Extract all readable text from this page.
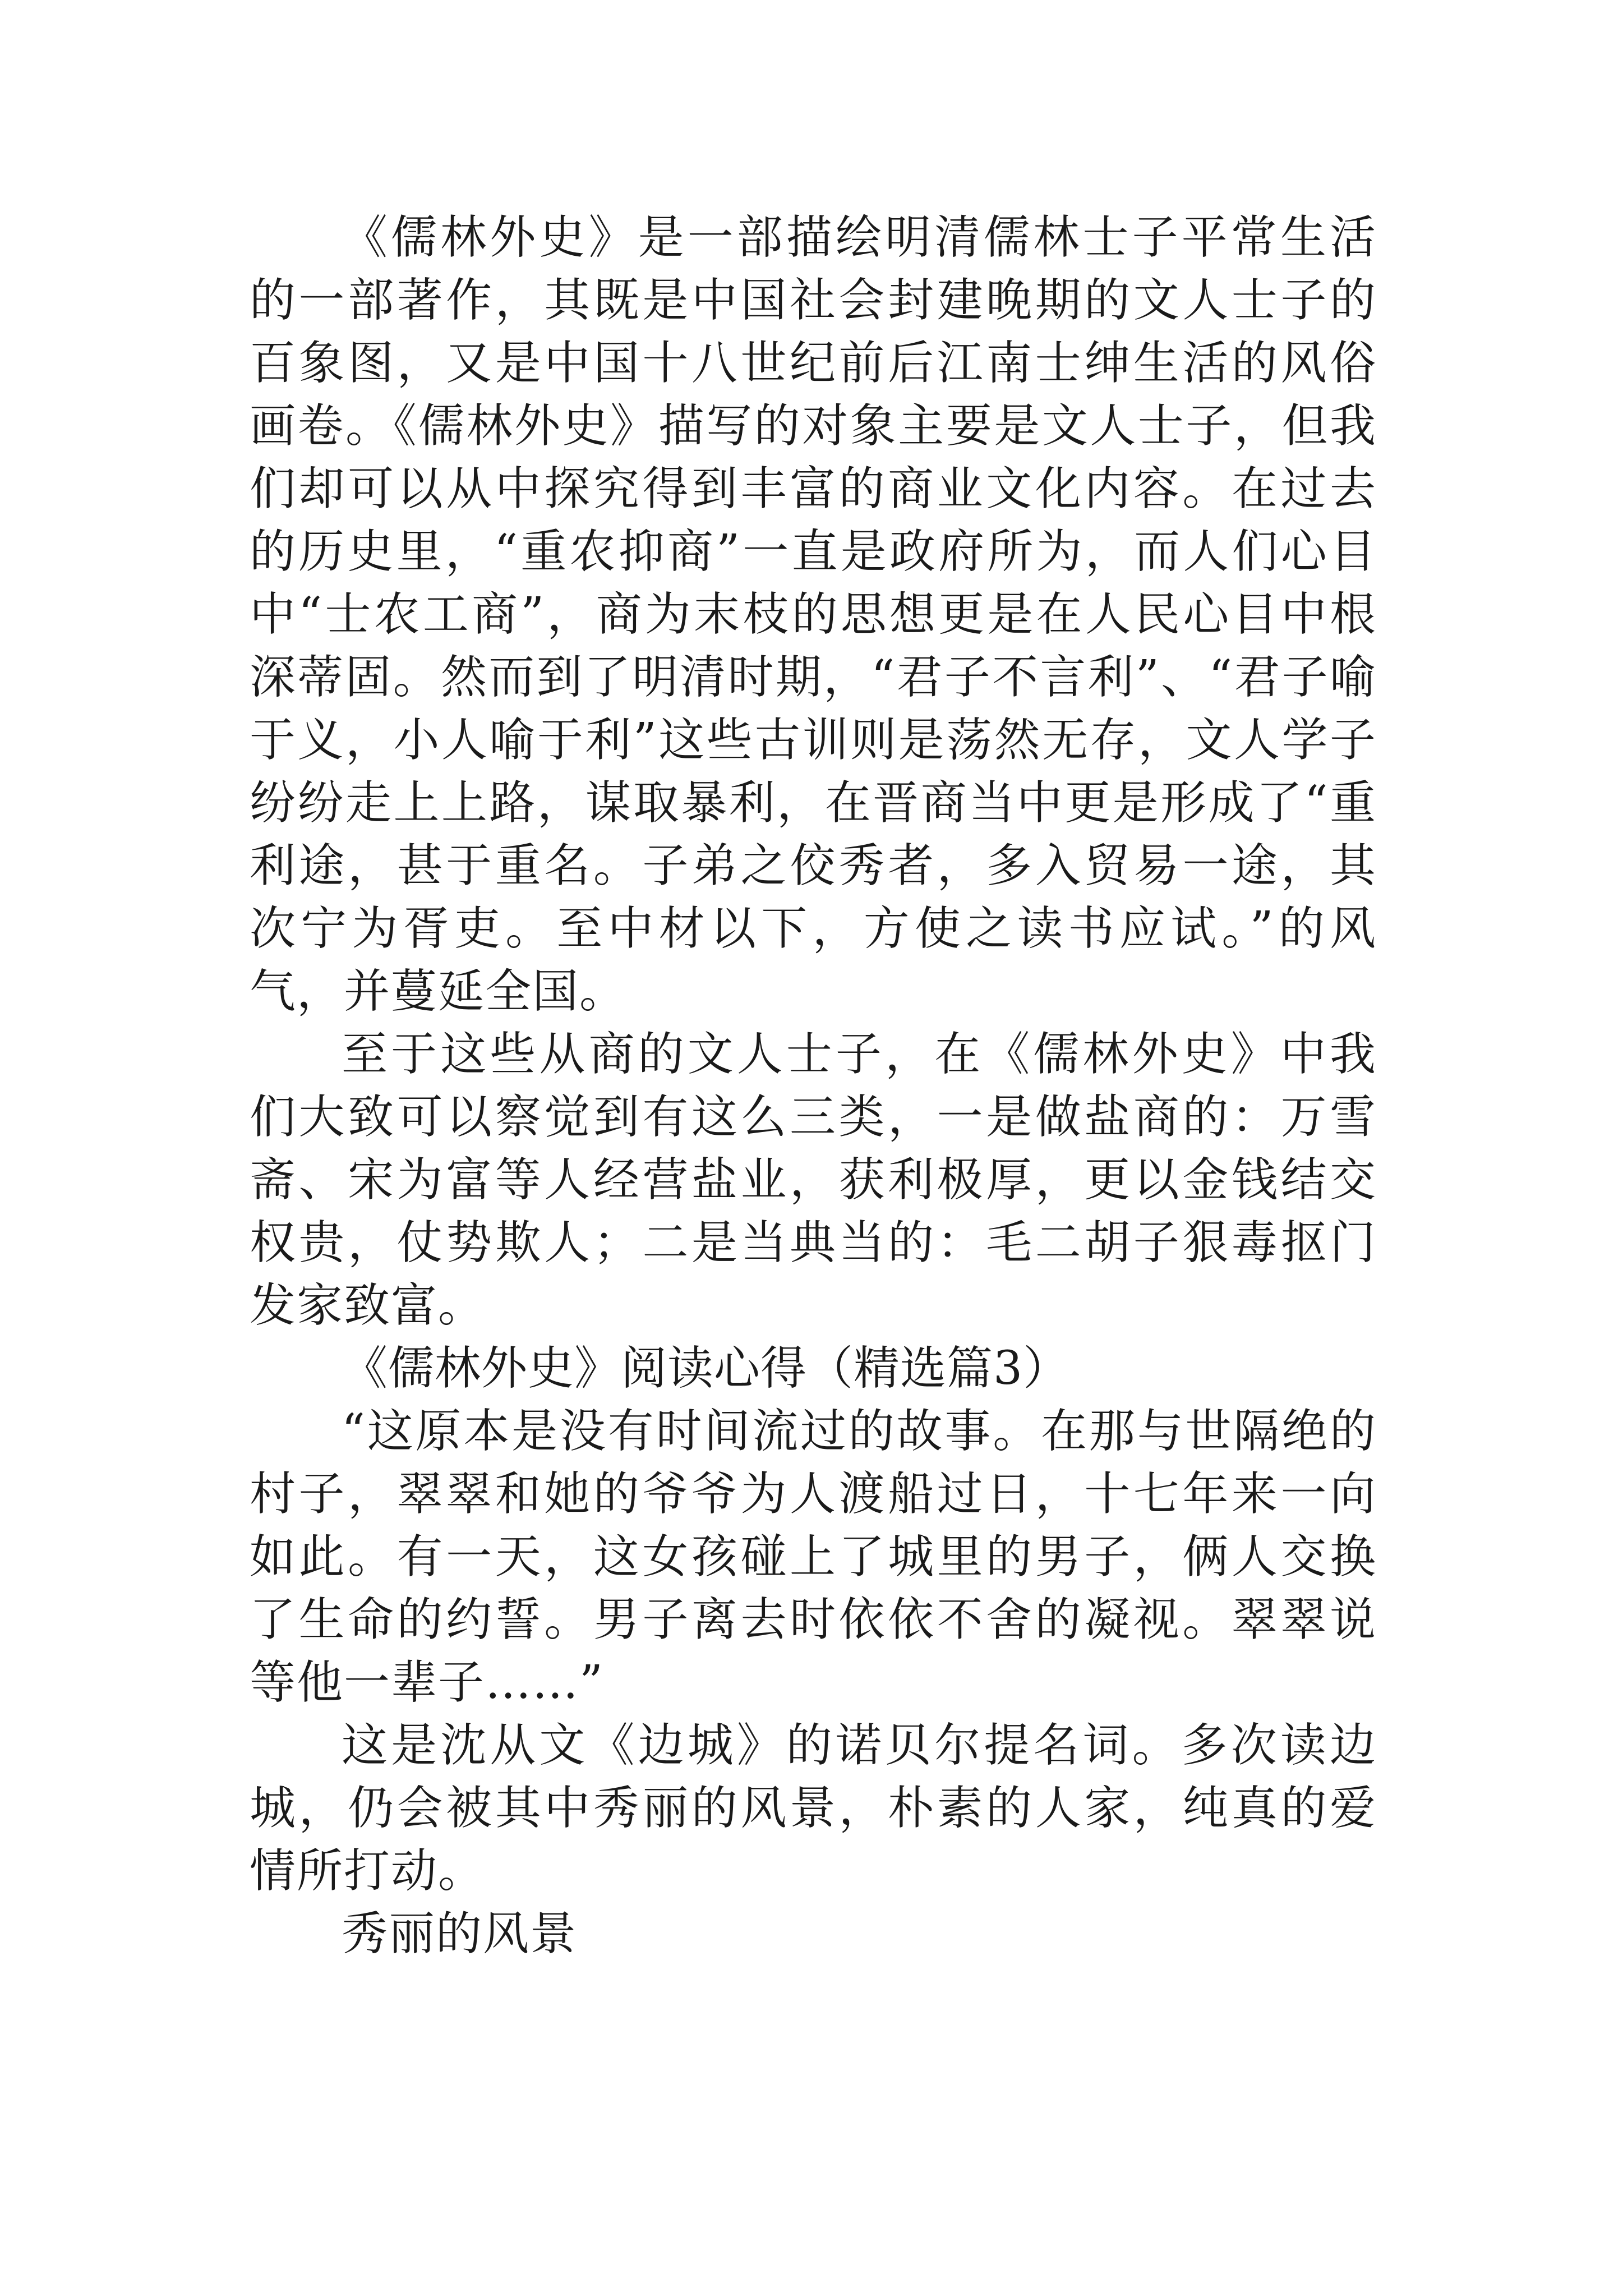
《儒林外史》是一部描绘明清儒林士子平常生活的一部著作，其既是中国社会封建晚期的文人士子的百象图，又是中国十八世纪前后江南士绅生活的风俗画卷。《儒林外史》描写的对象主要是文人士子，但我们却可以从中探究得到丰富的商业文化内容。在过去的历史里，“重农抑商”一直是政府所为，而人们心目中“士农工商”，商为末枝的思想更是在人民心目中根深蒂固。然而到了明清时期，“君子不言利”、“君子喻于义，小人喻于利”这些古训则是荡然无存，文人学子纷纷走上上路，谋取暴利，在晋商当中更是形成了“重利途，甚于重名。子弟之佼秀者，多入贸易一途，其次宁为胥吏。至中材以下，方使之读书应试。”的风气，并蔓延全国。

至于这些从商的文人士子，在《儒林外史》中我们大致可以察觉到有这么三类，一是做盐商的：万雪斋、宋为富等人经营盐业，获利极厚，更以金钱结交权贵，仗势欺人；二是当典当的：毛二胡子狠毒抠门发家致富。

《儒林外史》阅读心得（精选篇3）

“这原本是没有时间流过的故事。在那与世隔绝的村子，翠翠和她的爷爷为人渡船过日，十七年来一向如此。有一天，这女孩碰上了城里的男子，俩人交换了生命的约誓。男子离去时依依不舍的凝视。翠翠说等他一辈子……”

这是沈从文《边城》的诺贝尔提名词。多次读边城，仍会被其中秀丽的风景，朴素的人家，纯真的爱情所打动。

秀丽的风景
